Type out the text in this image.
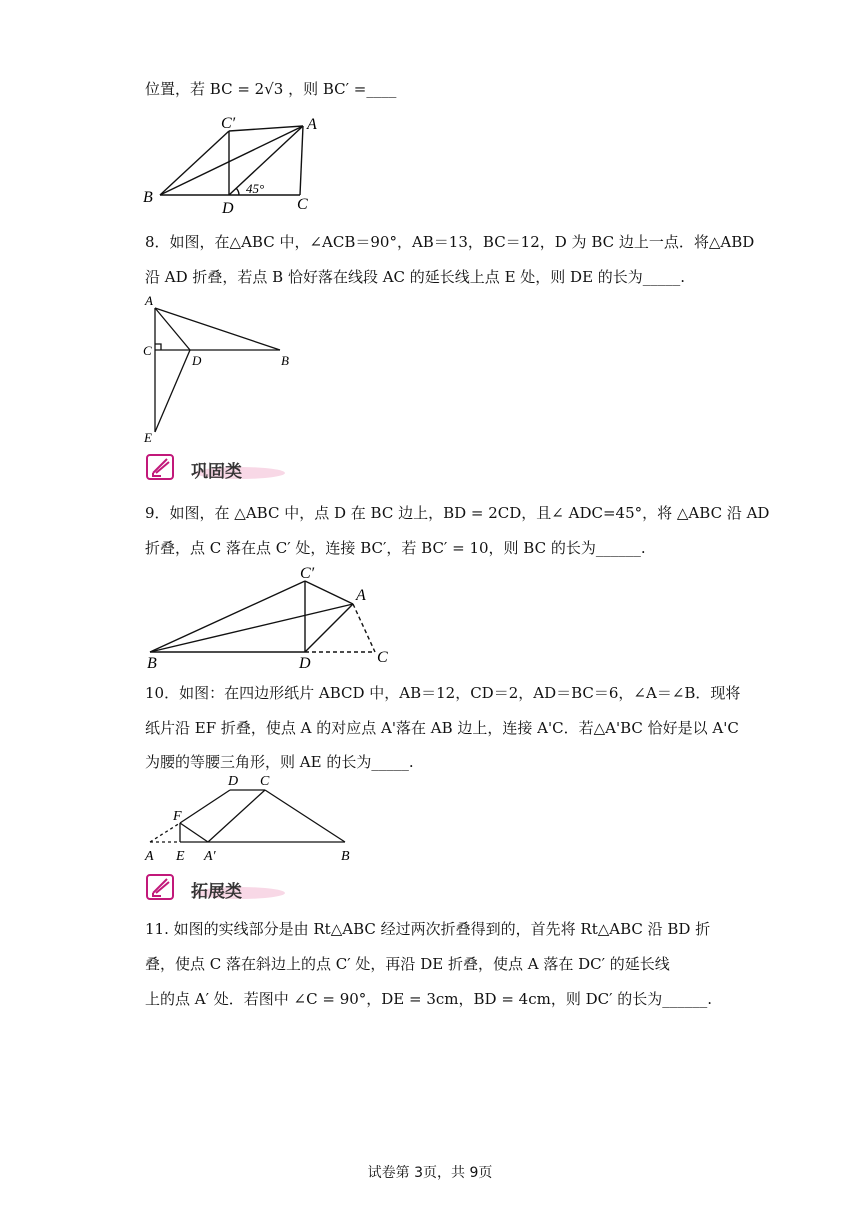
位置，若 BC = 2√3 ，则 BC′ =____
C′	A
B
D	C
45°
8．如图，在△ABC 中，∠ACB＝90°，AB＝13，BC＝12，D 为 BC 边上一点．将△ABD
沿 AD 折叠，若点 B 恰好落在线段 AC 的延长线上点 E 处，则 DE 的长为_____.
A
C
D	B
E
巩固类
9．如图，在 △ABC 中，点 D 在 BC 边上，BD = 2CD，且∠ ADC=45°，将 △ABC 沿 AD
折叠，点 C 落在点 C′ 处，连接 BC′，若 BC′ = 10，则 BC 的长为______.
C′
A
B	D	C
10．如图：在四边形纸片 ABCD 中，AB＝12，CD＝2，AD＝BC＝6，∠A＝∠B．现将
纸片沿 EF 折叠，使点 A 的对应点 A'落在 AB 边上，连接 A'C．若△A'BC 恰好是以 A'C
为腰的等腰三角形，则 AE 的长为_____.
D C
F
A E A′	B
拓展类
11. 如图的实线部分是由 Rt△ABC 经过两次折叠得到的，首先将 Rt△ABC 沿 BD 折
叠，使点 C 落在斜边上的点 C′ 处，再沿 DE 折叠，使点 A 落在 DC′ 的延长线
上的点 A′ 处．若图中 ∠C = 90°，DE = 3cm，BD = 4cm，则 DC′ 的长为______.
试卷第 3页，共 9页
